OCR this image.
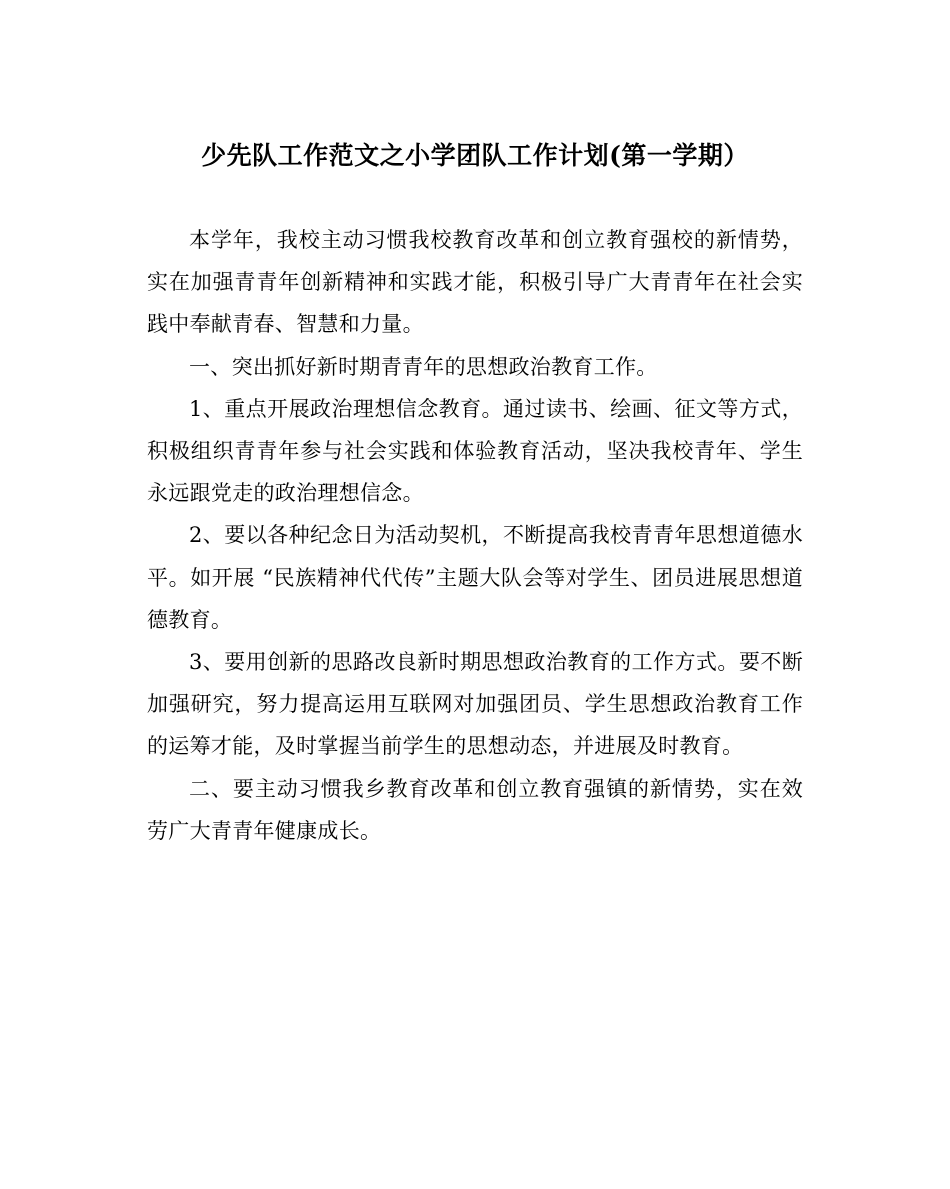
少先队工作范文之小学团队工作计划(第一学期）

本学年，我校主动习惯我校教育改革和创立教育强校的新情势，实在加强青青年创新精神和实践才能，积极引导广大青青年在社会实践中奉献青春、智慧和力量。

一、突出抓好新时期青青年的思想政治教育工作。

1、重点开展政治理想信念教育。通过读书、绘画、征文等方式，积极组织青青年参与社会实践和体验教育活动，坚决我校青年、学生永远跟党走的政治理想信念。

2、要以各种纪念日为活动契机，不断提高我校青青年思想道德水平。如开展 “民族精神代代传”主题大队会等对学生、团员进展思想道德教育。

3、要用创新的思路改良新时期思想政治教育的工作方式。要不断加强研究，努力提高运用互联网对加强团员、学生思想政治教育工作的运筹才能，及时掌握当前学生的思想动态，并进展及时教育。

二、要主动习惯我乡教育改革和创立教育强镇的新情势，实在效劳广大青青年健康成长。
